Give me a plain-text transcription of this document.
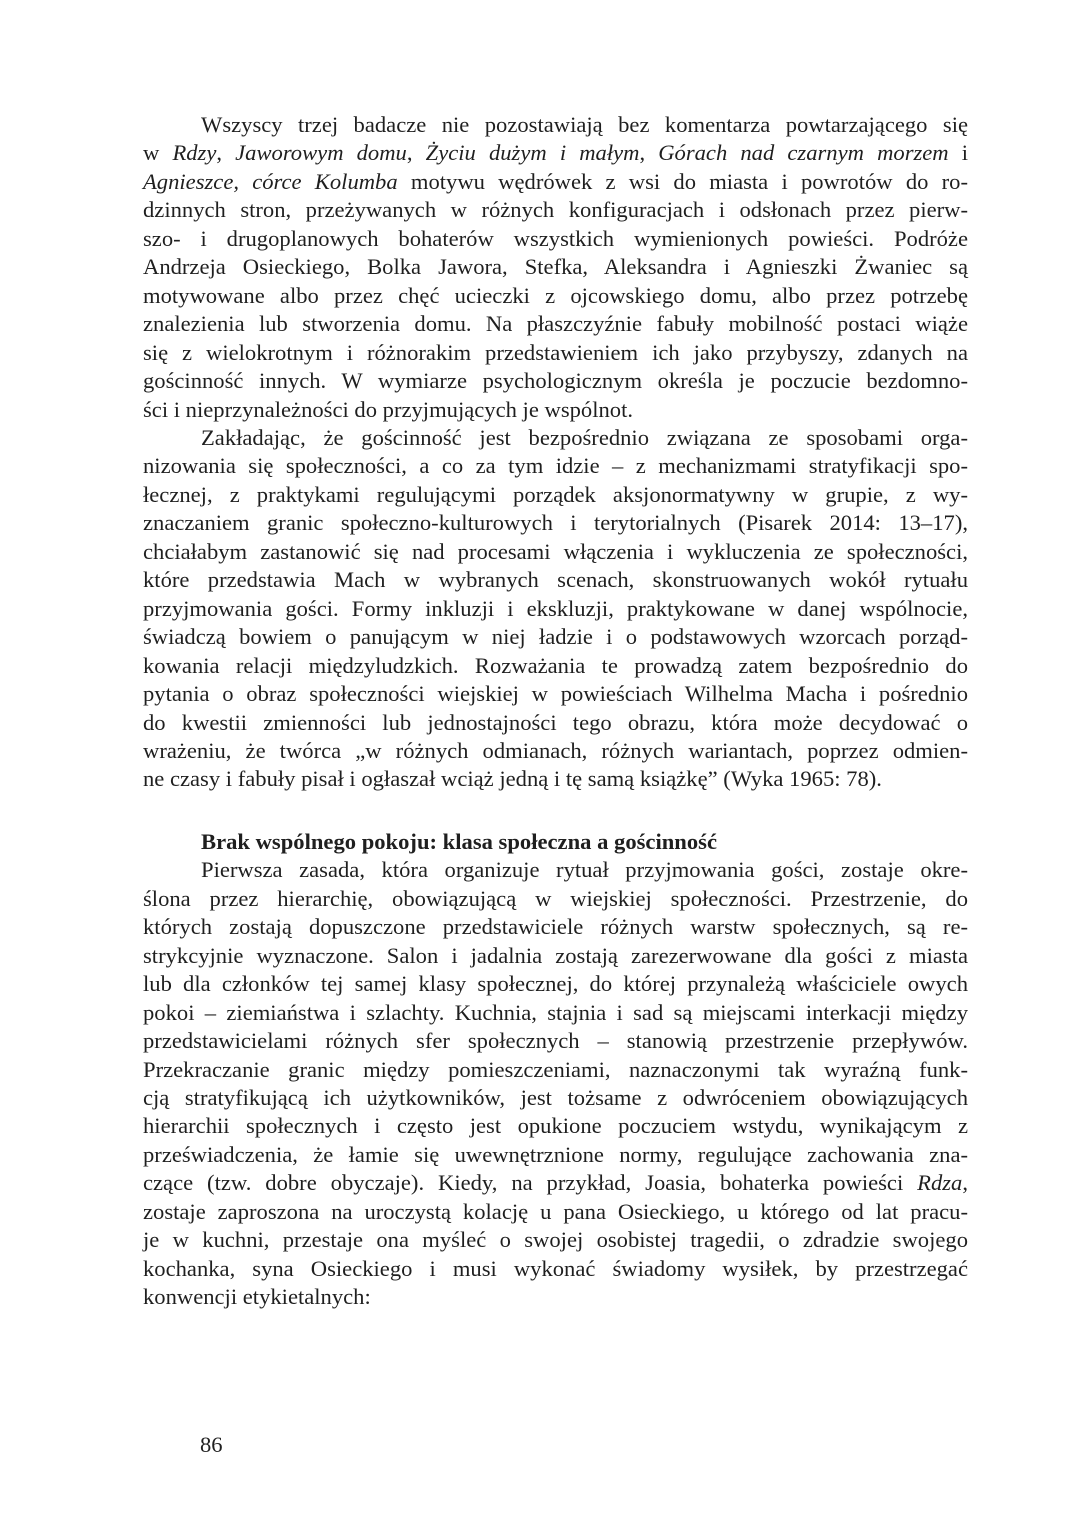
Wszyscy trzej badacze nie pozostawiają bez komentarza powtarzającego się
w Rdzy, Jaworowym domu, Życiu dużym i małym, Górach nad czarnym morzem i
Agnieszce, córce Kolumba motywu wędrówek z wsi do miasta i powrotów do ro-
dzinnych stron, przeżywanych w różnych konfiguracjach i odsłonach przez pierw-
szo- i drugoplanowych bohaterów wszystkich wymienionych powieści. Podróże
Andrzeja Osieckiego, Bolka Jawora, Stefka, Aleksandra i Agnieszki Żwaniec są
motywowane albo przez chęć ucieczki z ojcowskiego domu, albo przez potrzebę
znalezienia lub stworzenia domu. Na płaszczyźnie fabuły mobilność postaci wiąże
się z wielokrotnym i różnorakim przedstawieniem ich jako przybyszy, zdanych na
gościnność innych. W wymiarze psychologicznym określa je poczucie bezdomno-
ści i nieprzynależności do przyjmujących je wspólnot.
Zakładając, że gościnność jest bezpośrednio związana ze sposobami orga-
nizowania się społeczności, a co za tym idzie – z mechanizmami stratyfikacji spo-
łecznej, z praktykami regulującymi porządek aksjonormatywny w grupie, z wy-
znaczaniem granic społeczno-kulturowych i terytorialnych (Pisarek 2014: 13–17),
chciałabym zastanowić się nad procesami włączenia i wykluczenia ze społeczności,
które przedstawia Mach w wybranych scenach, skonstruowanych wokół rytuału
przyjmowania gości. Formy inkluzji i ekskluzji, praktykowane w danej wspólnocie,
świadczą bowiem o panującym w niej ładzie i o podstawowych wzorcach porząd-
kowania relacji międzyludzkich. Rozważania te prowadzą zatem bezpośrednio do
pytania o obraz społeczności wiejskiej w powieściach Wilhelma Macha i pośrednio
do kwestii zmienności lub jednostajności tego obrazu, która może decydować o
wrażeniu, że twórca „w różnych odmianach, różnych wariantach, poprzez odmien-
ne czasy i fabuły pisał i ogłaszał wciąż jedną i tę samą książkę” (Wyka 1965: 78).
Brak wspólnego pokoju: klasa społeczna a gościnność
Pierwsza zasada, która organizuje rytuał przyjmowania gości, zostaje okre-
ślona przez hierarchię, obowiązującą w wiejskiej społeczności. Przestrzenie, do
których zostają dopuszczone przedstawiciele różnych warstw społecznych, są re-
strykcyjnie wyznaczone. Salon i jadalnia zostają zarezerwowane dla gości z miasta
lub dla członków tej samej klasy społecznej, do której przynależą właściciele owych
pokoi – ziemiaństwa i szlachty. Kuchnia, stajnia i sad są miejscami interkacji między
przedstawicielami różnych sfer społecznych – stanowią przestrzenie przepływów.
Przekraczanie granic między pomieszczeniami, naznaczonymi tak wyraźną funk-
cją stratyfikującą ich użytkowników, jest tożsame z odwróceniem obowiązujących
hierarchii społecznych i często jest opukione poczuciem wstydu, wynikającym z
przeświadczenia, że łamie się uwewnętrznione normy, regulujące zachowania zna-
czące (tzw. dobre obyczaje). Kiedy, na przykład, Joasia, bohaterka powieści Rdza,
zostaje zaproszona na uroczystą kolację u pana Osieckiego, u którego od lat pracu-
je w kuchni, przestaje ona myśleć o swojej osobistej tragedii, o zdradzie swojego
kochanka, syna Osieckiego i musi wykonać świadomy wysiłek, by przestrzegać
konwencji etykietalnych:
86
